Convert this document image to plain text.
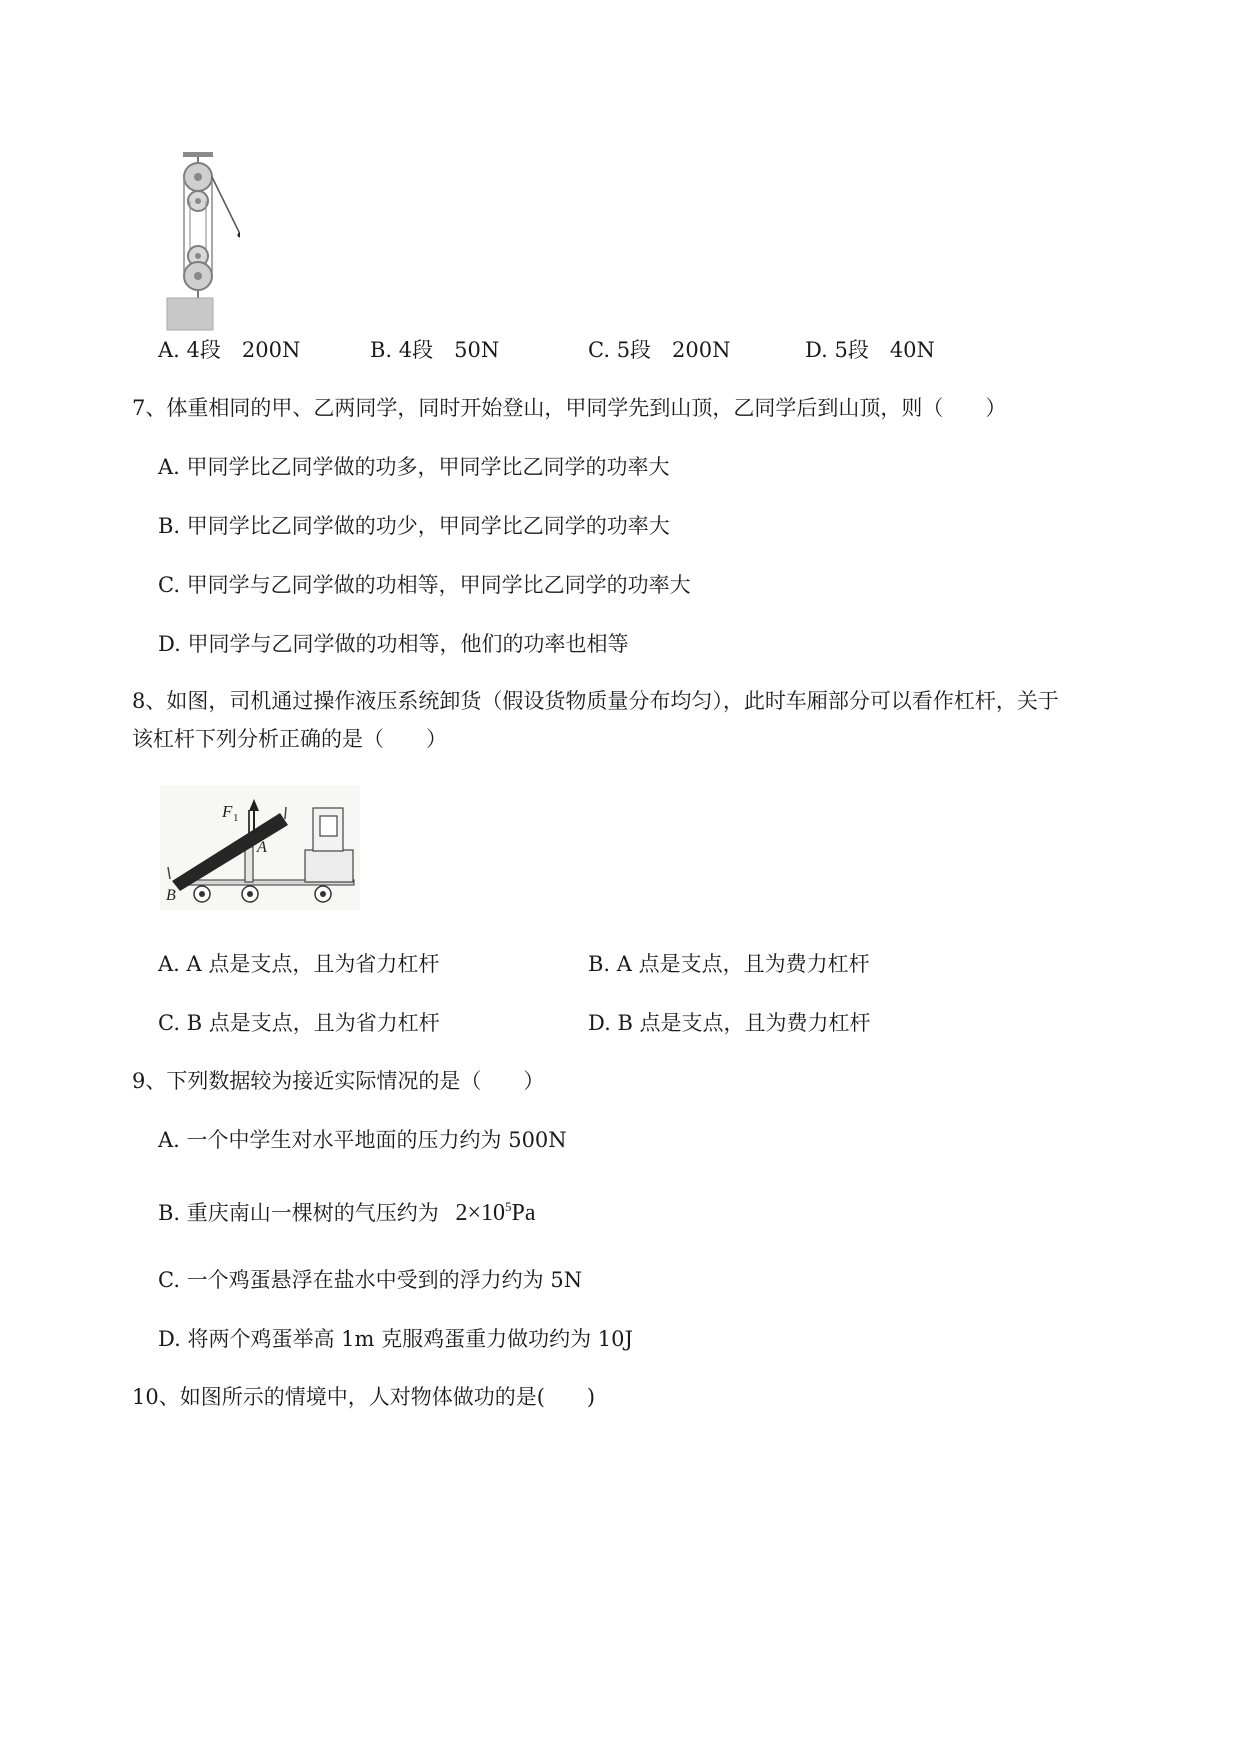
A. 4段　200N	B. 4段　50N	C. 5段　200N	D. 5段　40N
7、体重相同的甲、乙两同学，同时开始登山，甲同学先到山顶，乙同学后到山顶，则（　　）
A. 甲同学比乙同学做的功多，甲同学比乙同学的功率大
B. 甲同学比乙同学做的功少，甲同学比乙同学的功率大
C. 甲同学与乙同学做的功相等，甲同学比乙同学的功率大
D. 甲同学与乙同学做的功相等，他们的功率也相等
8、如图，司机通过操作液压系统卸货（假设货物质量分布均匀），此时车厢部分可以看作杠杆，关于
该杠杆下列分析正确的是（　　）
F 1
A
B
A. A 点是支点，且为省力杠杆	B. A 点是支点，且为费力杠杆
C. B 点是支点，且为省力杠杆	D. B 点是支点，且为费力杠杆
9、下列数据较为接近实际情况的是（　　）
A. 一个中学生对水平地面的压力约为 500N
B. 重庆南山一棵树的气压约为 $2\times 10^5Pa$
C. 一个鸡蛋悬浮在盐水中受到的浮力约为 5N
D. 将两个鸡蛋举高 1m 克服鸡蛋重力做功约为 10J
10、如图所示的情境中，人对物体做功的是(　　)
